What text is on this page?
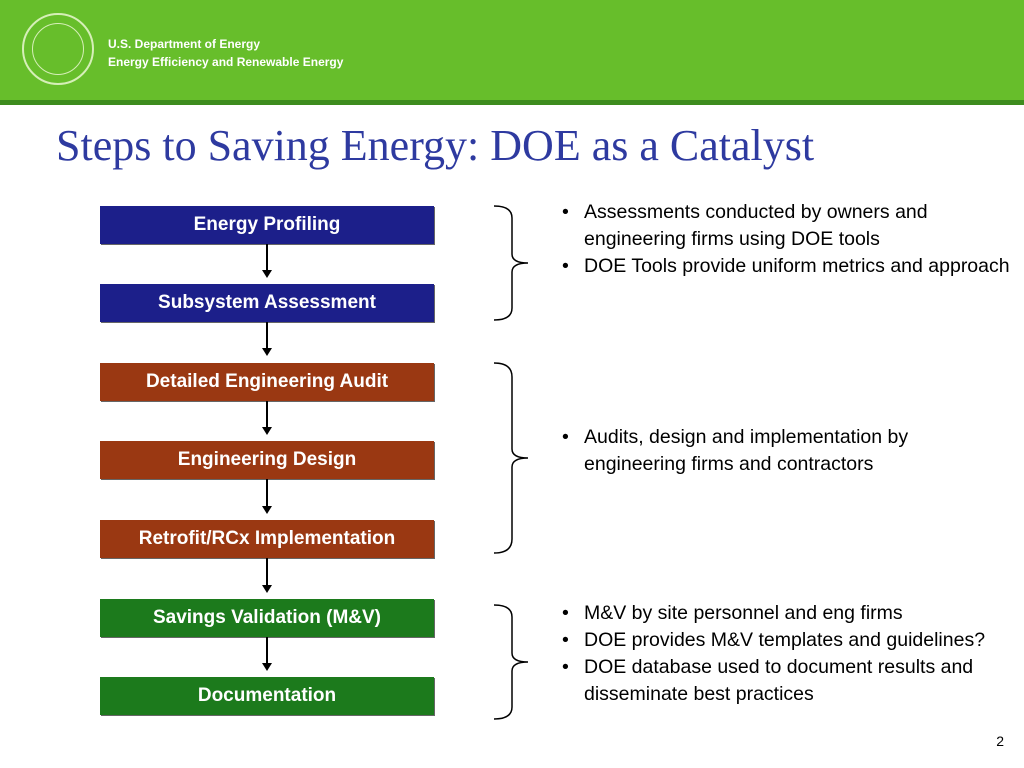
U.S. Department of Energy
Energy Efficiency and Renewable Energy
Steps to Saving Energy: DOE as a Catalyst
Energy Profiling
Subsystem Assessment
Detailed Engineering Audit
Engineering Design
Retrofit/RCx Implementation
Savings Validation (M&V)
Documentation
• Assessments conducted by owners and engineering firms using DOE tools
• DOE Tools provide uniform metrics and approach
• Audits, design and implementation by engineering firms and contractors
• M&V by site personnel and eng firms
• DOE provides M&V templates and guidelines?
• DOE database used to document results and disseminate best practices
2
